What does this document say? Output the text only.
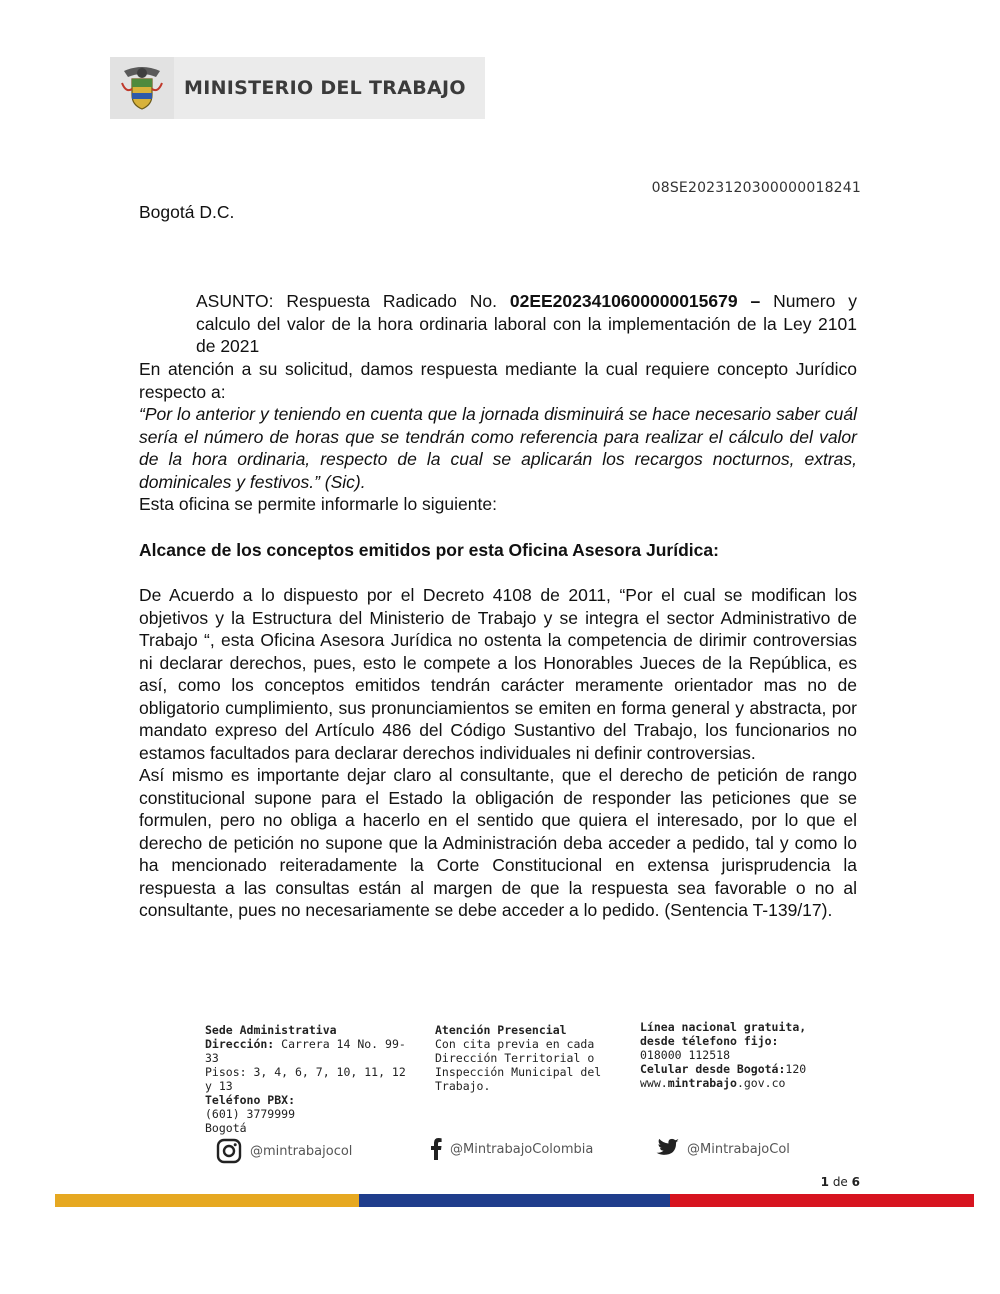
MINISTERIO DEL TRABAJO
08SE2023120300000018241
Bogotá D.C.
ASUNTO: Respuesta Radicado No. 02EE2023410600000015679 – Numero y calculo del valor de la hora ordinaria laboral con la implementación de la Ley 2101 de 2021
En atención a su solicitud, damos respuesta mediante la cual requiere concepto Jurídico respecto a:
“Por lo anterior y teniendo en cuenta que la jornada disminuirá se hace necesario saber cuál sería el número de horas que se tendrán como referencia para realizar el cálculo del valor de la hora ordinaria, respecto de la cual se aplicarán los recargos nocturnos, extras, dominicales y festivos.” (Sic).
Esta oficina se permite informarle lo siguiente:
Alcance de los conceptos emitidos por esta Oficina Asesora Jurídica:
De Acuerdo a lo dispuesto por el Decreto 4108 de 2011, “Por el cual se modifican los objetivos y la Estructura del Ministerio de Trabajo y se integra el sector Administrativo de Trabajo “, esta Oficina Asesora Jurídica no ostenta la competencia de dirimir controversias ni declarar derechos, pues, esto le compete a los Honorables Jueces de la República, es así, como los conceptos emitidos tendrán carácter meramente orientador mas no de obligatorio cumplimiento, sus pronunciamientos se emiten en forma general y abstracta, por mandato expreso del Artículo 486 del Código Sustantivo del Trabajo, los funcionarios no estamos facultados para declarar derechos individuales ni definir controversias.
Así mismo es importante dejar claro al consultante, que el derecho de petición de rango constitucional supone para el Estado la obligación de responder las peticiones que se formulen, pero no obliga a hacerlo en el sentido que quiera el interesado, por lo que el derecho de petición no supone que la Administración deba acceder a pedido, tal y como lo ha mencionado reiteradamente la Corte Constitucional en extensa jurisprudencia la respuesta a las consultas están al margen de que la respuesta sea favorable o no al consultante, pues no necesariamente se debe acceder a lo pedido. (Sentencia T-139/17).
Sede Administrativa
Dirección: Carrera 14 No. 99-33
Pisos: 3, 4, 6, 7, 10, 11, 12 y 13
Teléfono PBX:
(601) 3779999
Bogotá
Atención Presencial
Con cita previa en cada
Dirección Territorial o
Inspección Municipal del
Trabajo.
Línea nacional gratuita,
desde télefono fijo:
018000 112518
Celular desde Bogotá:120
www.mintrabajo.gov.co
@mintrabajocol	@MintrabajoColombia	@MintrabajoCol
1 de 6
